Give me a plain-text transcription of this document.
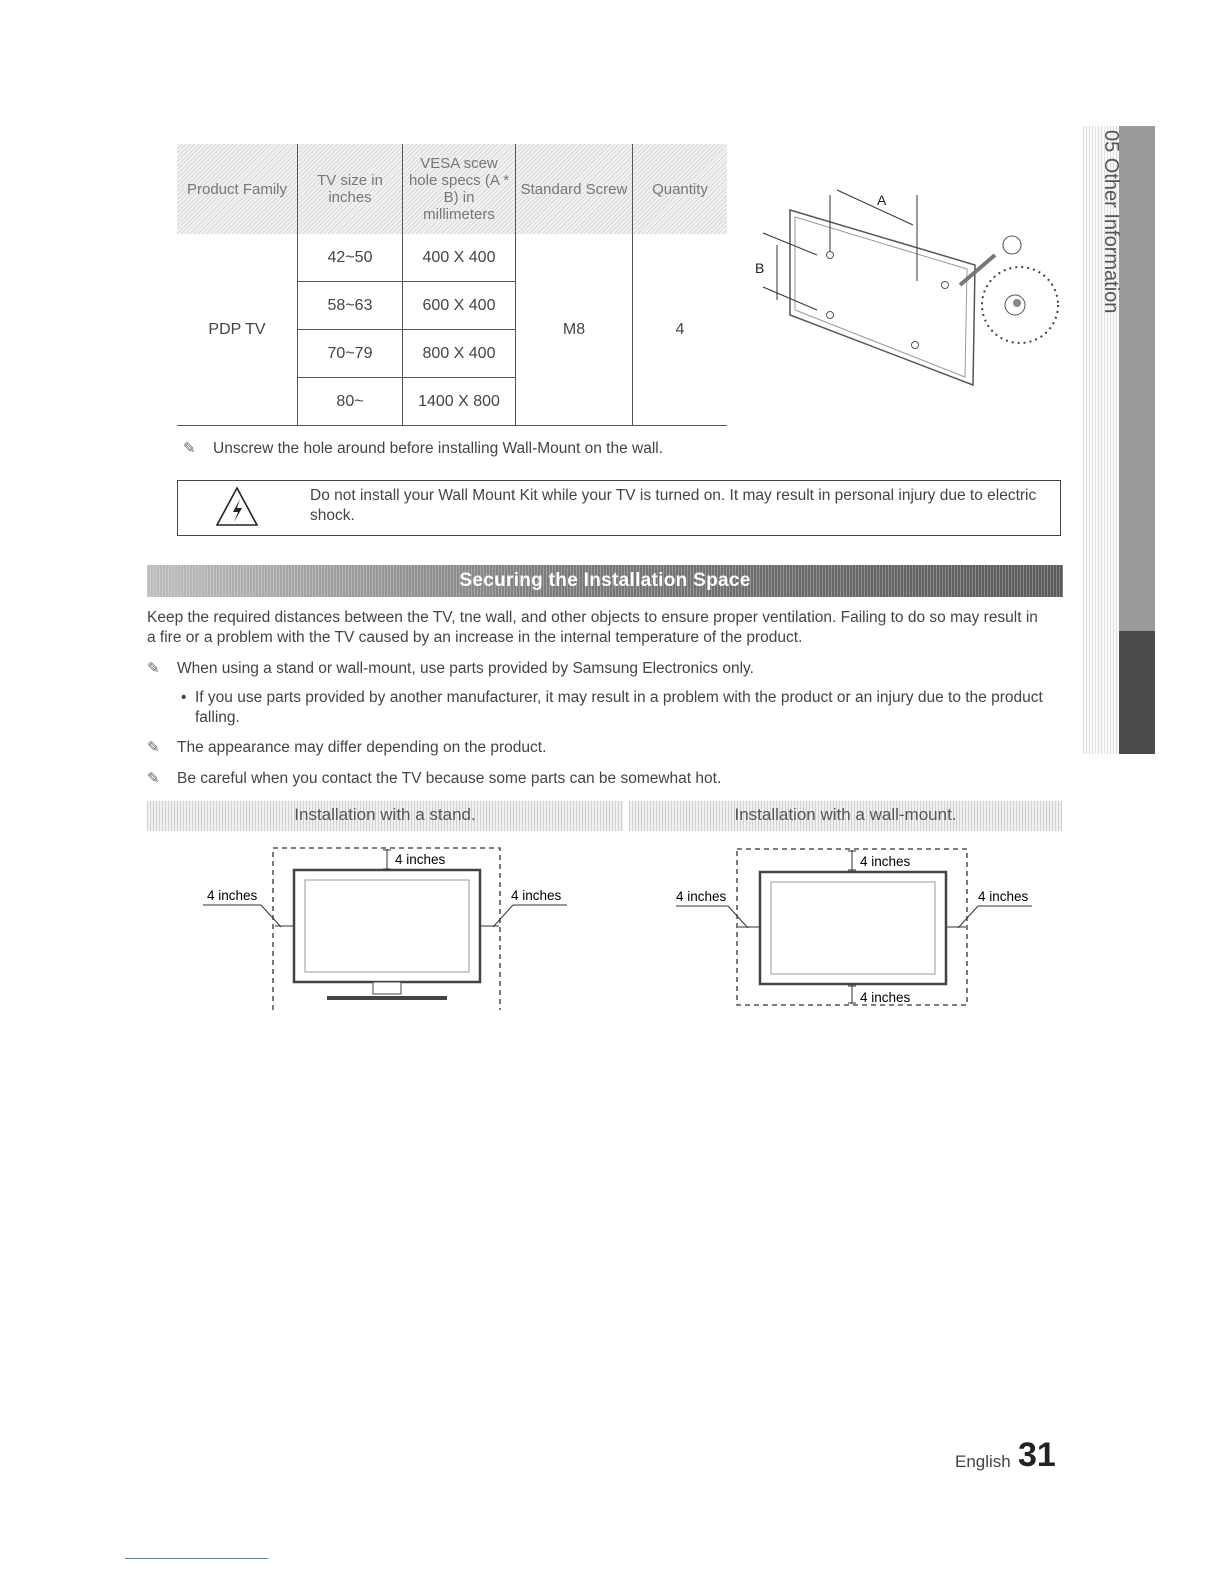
05 Other Information
Product Family	TV size in inches	VESA scew hole specs (A * B) in millimeters	Standard Screw	Quantity
PDP TV	42~50	400 X 400	M8	4
	58~63	600 X 400		
	70~79	800 X 400		
	80~	1400 X 800		
A
B
✎ Unscrew the hole around before installing Wall-Mount on the wall.
Do not install your Wall Mount Kit while your TV is turned on. It may result in personal injury due to electric shock.
Securing the Installation Space
Keep the required distances between the TV, tne wall, and other objects to ensure proper ventilation. Failing to do so may result in a fire or a problem with the TV caused by an increase in the internal temperature of the product.
✎ When using a stand or wall-mount, use parts provided by Samsung Electronics only.
• If you use parts provided by another manufacturer, it may result in a problem with the product or an injury due to the product falling.
✎ The appearance may differ depending on the product.
✎ Be careful when you contact the TV because some parts can be somewhat hot.
Installation with a stand.	Installation with a wall-mount.
4 inches
4 inches	4 inches
4 inches
4 inches
4 inches	4 inches
English 31
